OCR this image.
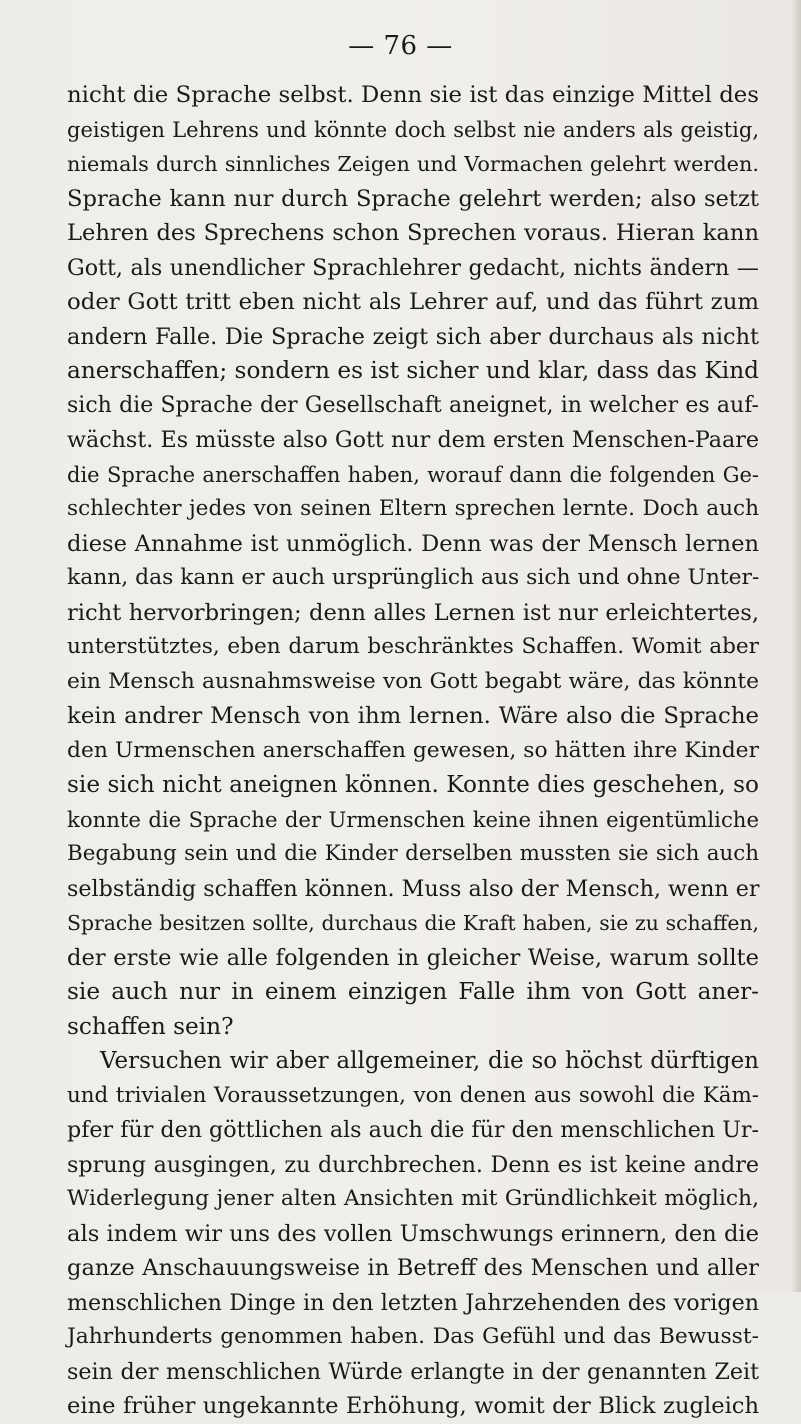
— 76 —
nicht die Sprache selbst. Denn sie ist das einzige Mittel des
geistigen Lehrens und könnte doch selbst nie anders als geistig,
niemals durch sinnliches Zeigen und Vormachen gelehrt werden.
Sprache kann nur durch Sprache gelehrt werden; also setzt
Lehren des Sprechens schon Sprechen voraus. Hieran kann
Gott, als unendlicher Sprachlehrer gedacht, nichts ändern —
oder Gott tritt eben nicht als Lehrer auf, und das führt zum
andern Falle. Die Sprache zeigt sich aber durchaus als nicht
anerschaffen; sondern es ist sicher und klar, dass das Kind
sich die Sprache der Gesellschaft aneignet, in welcher es auf-
wächst. Es müsste also Gott nur dem ersten Menschen-Paare
die Sprache anerschaffen haben, worauf dann die folgenden Ge-
schlechter jedes von seinen Eltern sprechen lernte. Doch auch
diese Annahme ist unmöglich. Denn was der Mensch lernen
kann, das kann er auch ursprünglich aus sich und ohne Unter-
richt hervorbringen; denn alles Lernen ist nur erleichtertes,
unterstütztes, eben darum beschränktes Schaffen. Womit aber
ein Mensch ausnahmsweise von Gott begabt wäre, das könnte
kein andrer Mensch von ihm lernen. Wäre also die Sprache
den Urmenschen anerschaffen gewesen, so hätten ihre Kinder
sie sich nicht aneignen können. Konnte dies geschehen, so
konnte die Sprache der Urmenschen keine ihnen eigentümliche
Begabung sein und die Kinder derselben mussten sie sich auch
selbständig schaffen können. Muss also der Mensch, wenn er
Sprache besitzen sollte, durchaus die Kraft haben, sie zu schaffen,
der erste wie alle folgenden in gleicher Weise, warum sollte
sie auch nur in einem einzigen Falle ihm von Gott aner-
schaffen sein?
Versuchen wir aber allgemeiner, die so höchst dürftigen
und trivialen Voraussetzungen, von denen aus sowohl die Käm-
pfer für den göttlichen als auch die für den menschlichen Ur-
sprung ausgingen, zu durchbrechen. Denn es ist keine andre
Widerlegung jener alten Ansichten mit Gründlichkeit möglich,
als indem wir uns des vollen Umschwungs erinnern, den die
ganze Anschauungsweise in Betreff des Menschen und aller
menschlichen Dinge in den letzten Jahrzehenden des vorigen
Jahrhunderts genommen haben. Das Gefühl und das Bewusst-
sein der menschlichen Würde erlangte in der genannten Zeit
eine früher ungekannte Erhöhung, womit der Blick zugleich
